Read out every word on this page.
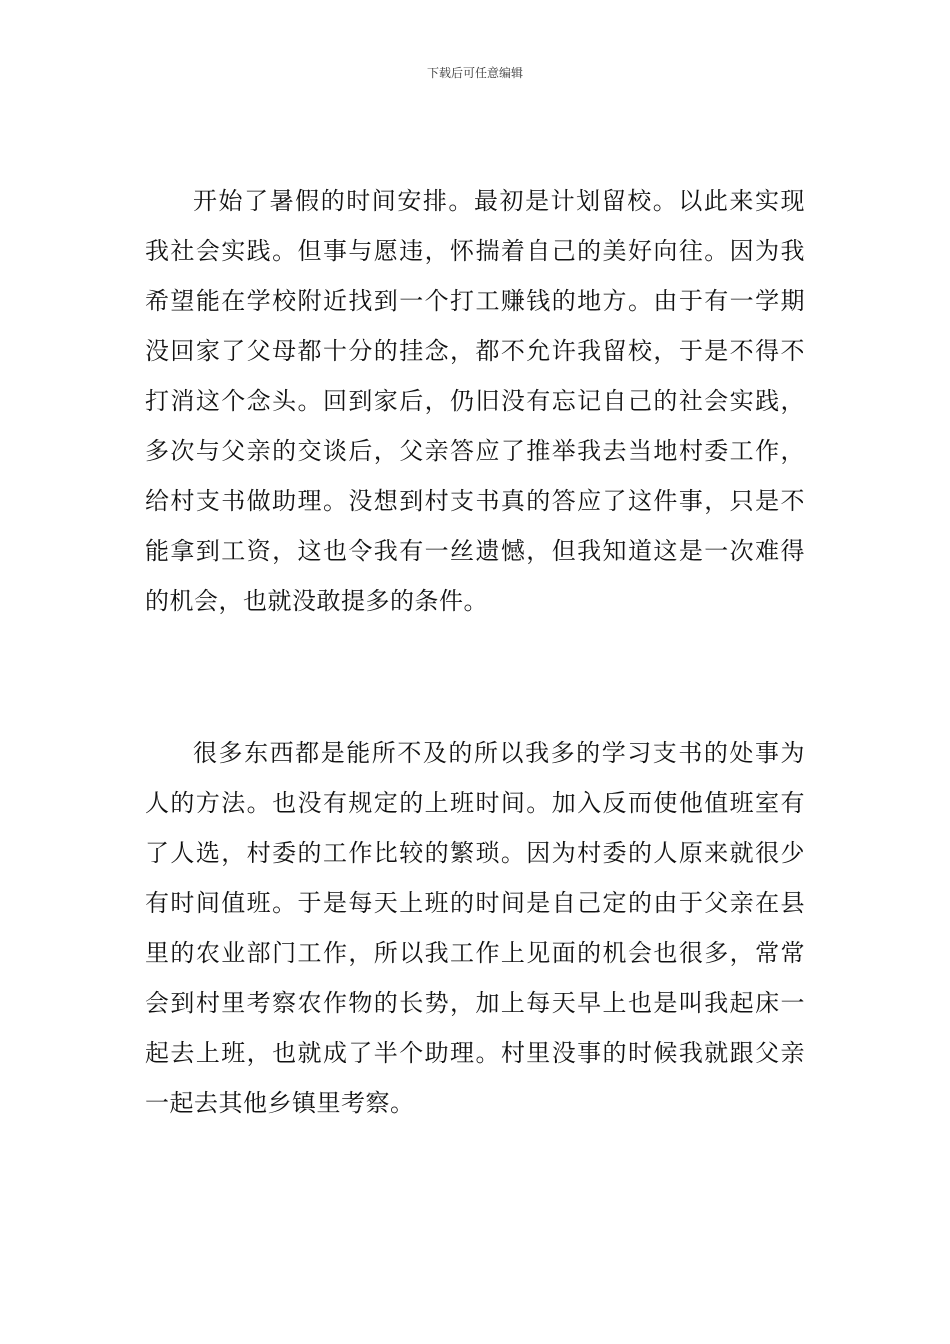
下载后可任意编辑

开始了暑假的时间安排。最初是计划留校。以此来实现我社会实践。但事与愿违，怀揣着自己的美好向往。因为我希望能在学校附近找到一个打工赚钱的地方。由于有一学期没回家了父母都十分的挂念，都不允许我留校，于是不得不打消这个念头。回到家后，仍旧没有忘记自己的社会实践，多次与父亲的交谈后，父亲答应了推举我去当地村委工作，给村支书做助理。没想到村支书真的答应了这件事，只是不能拿到工资，这也令我有一丝遗憾，但我知道这是一次难得的机会，也就没敢提多的条件。

很多东西都是能所不及的所以我多的学习支书的处事为人的方法。也没有规定的上班时间。加入反而使他值班室有了人选，村委的工作比较的繁琐。因为村委的人原来就很少有时间值班。于是每天上班的时间是自己定的由于父亲在县里的农业部门工作，所以我工作上见面的机会也很多，常常会到村里考察农作物的长势，加上每天早上也是叫我起床一起去上班，也就成了半个助理。村里没事的时候我就跟父亲一起去其他乡镇里考察。
